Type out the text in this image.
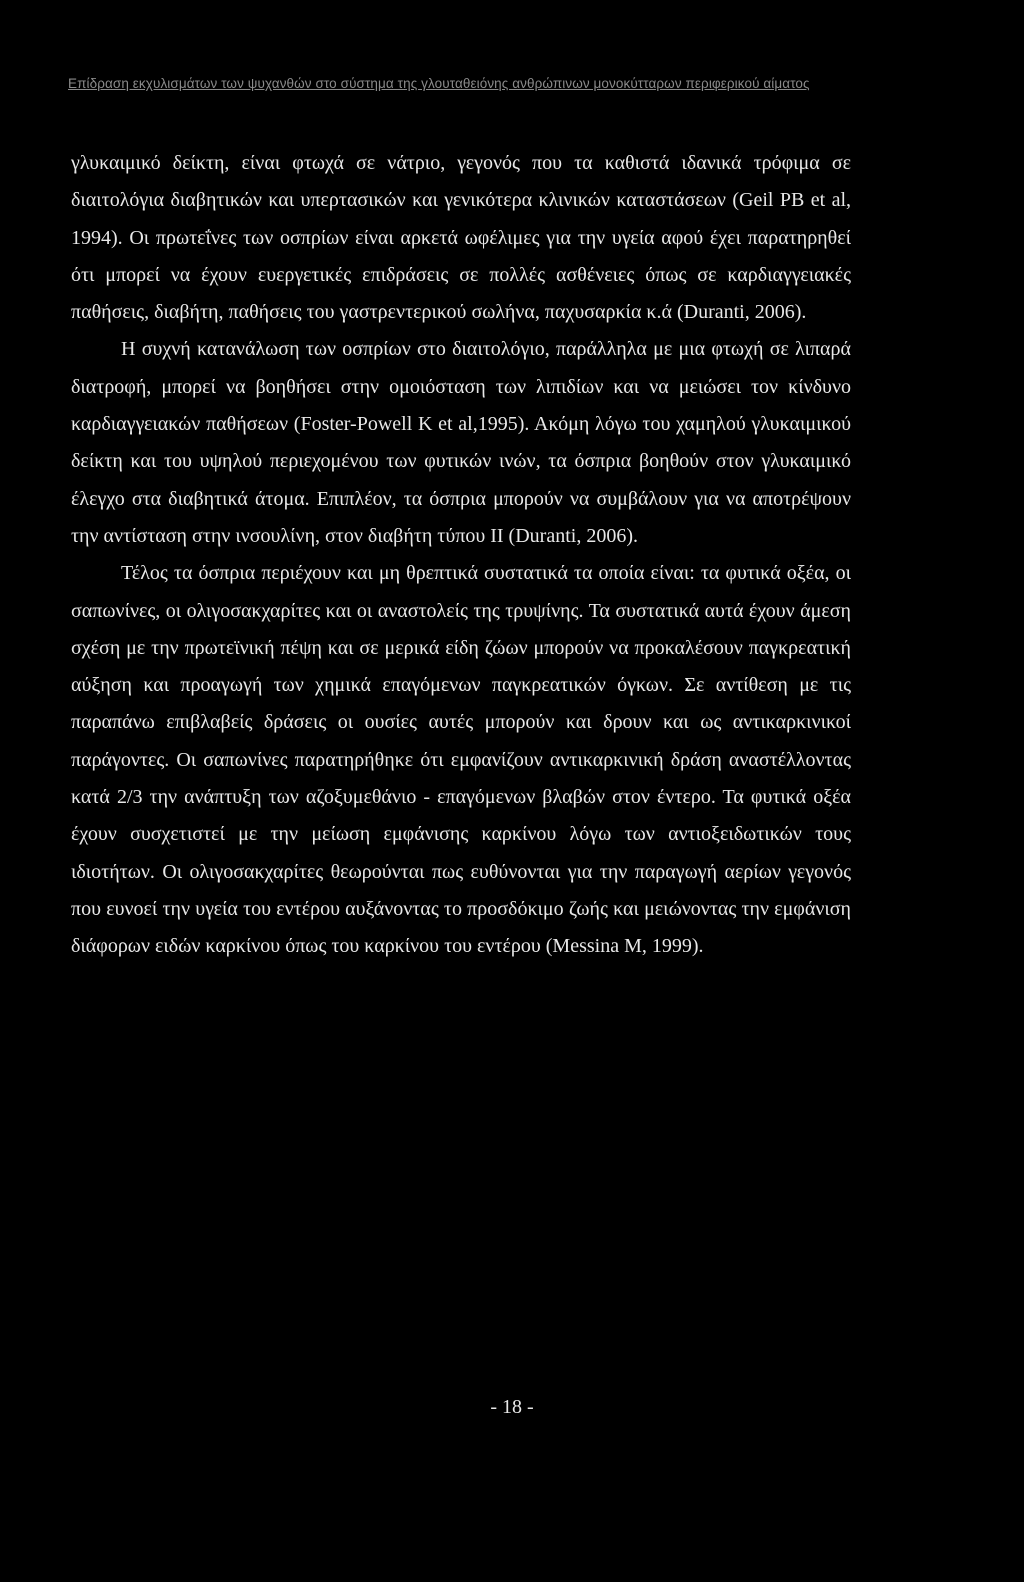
Επίδραση εκχυλισμάτων των ψυχανθών στο σύστημα της γλουταθειόνης ανθρώπινων μονοκύτταρων περιφερικού αίματος

γλυκαιμικό δείκτη, είναι φτωχά σε νάτριο, γεγονός που τα καθιστά ιδανικά τρόφιμα σε διαιτολόγια διαβητικών και υπερτασικών και γενικότερα κλινικών καταστάσεων (Geil PB et al, 1994). Οι πρωτεΐνες των οσπρίων είναι αρκετά ωφέλιμες για την υγεία αφού έχει παρατηρηθεί ότι μπορεί να έχουν ευεργετικές επιδράσεις σε πολλές ασθένειες όπως σε καρδιαγγειακές παθήσεις, διαβήτη, παθήσεις του γαστρεντερικού σωλήνα, παχυσαρκία κ.ά (Duranti, 2006).

Η συχνή κατανάλωση των οσπρίων στο διαιτολόγιο, παράλληλα με μια φτωχή σε λιπαρά διατροφή, μπορεί να βοηθήσει στην ομοιόσταση των λιπιδίων και να μειώσει τον κίνδυνο καρδιαγγειακών παθήσεων (Foster-Powell K et al,1995). Ακόμη λόγω του χαμηλού γλυκαιμικού δείκτη και του υψηλού περιεχομένου των φυτικών ινών, τα όσπρια βοηθούν στον γλυκαιμικό έλεγχο στα διαβητικά άτομα. Επιπλέον, τα όσπρια μπορούν να συμβάλουν για να αποτρέψουν την αντίσταση στην ινσουλίνη, στον διαβήτη τύπου ΙΙ (Duranti, 2006).

Τέλος τα όσπρια περιέχουν και μη θρεπτικά συστατικά τα οποία είναι: τα φυτικά οξέα, οι σαπωνίνες, οι ολιγοσακχαρίτες και οι αναστολείς της τρυψίνης. Τα συστατικά αυτά έχουν άμεση σχέση με την πρωτεϊνική πέψη και σε μερικά είδη ζώων μπορούν να προκαλέσουν παγκρεατική αύξηση και προαγωγή των χημικά επαγόμενων παγκρεατικών όγκων. Σε αντίθεση με τις παραπάνω επιβλαβείς δράσεις οι ουσίες αυτές μπορούν και δρουν και ως αντικαρκινικοί παράγοντες. Οι σαπωνίνες παρατηρήθηκε ότι εμφανίζουν αντικαρκινική δράση αναστέλλοντας κατά 2/3 την ανάπτυξη των αζοξυμεθάνιο - επαγόμενων βλαβών στον έντερο. Τα φυτικά οξέα έχουν συσχετιστεί με την μείωση εμφάνισης καρκίνου λόγω των αντιοξειδωτικών τους ιδιοτήτων. Οι ολιγοσακχαρίτες θεωρούνται πως ευθύνονται για την παραγωγή αερίων γεγονός που ευνοεί την υγεία του εντέρου αυξάνοντας το προσδόκιμο ζωής και μειώνοντας την εμφάνιση διάφορων ειδών καρκίνου όπως του καρκίνου του εντέρου (Messina M, 1999).

- 18 -
